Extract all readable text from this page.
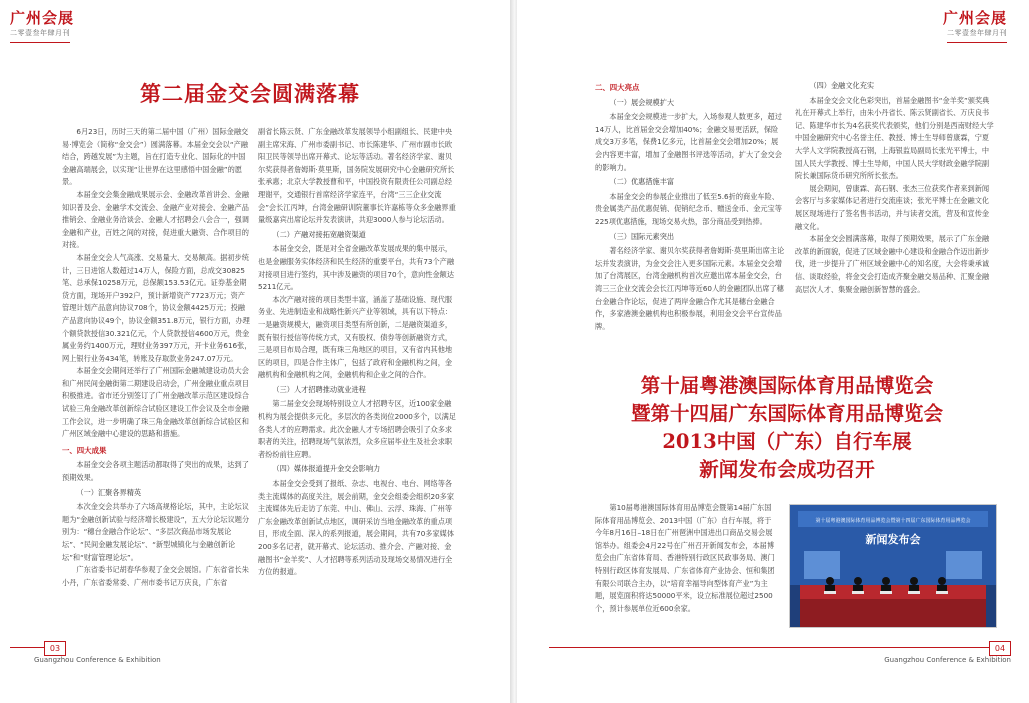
广州会展
二零壹叁年肆月刊
第二届金交会圆满落幕

6月23日，历时三天的第二届中国（广州）国际金融交易·博览会（简称“金交会”）圆满落幕。本届金交会以“产融结合，跨越发展”为主题，旨在打造专业化、国际化的中国金融高端展会，以实现“让世界在这里感悟中国金融”的愿景。

本届金交会集金融成果展示会、金融改革首讲会、金融知识普及会、金融学术交流会、金融产业对接会、金融产品推销会、金融业务洽谈会、金融人才招聘会八会合一，强调金融和产业，百姓之间的对接，促进重大融资、合作项目的对接。

本届金交会人气高涨、交易量大、交易额高。据初步统计，三日进馆人数超过14万人，保险方面，总成交30825笔、总承保10258万元，总保额153.53亿元。证券基金期货方面，现场开户392户，预计新增资产7723万元；资产管理计划产品意向协议708个，协议金额4425万元；投融产品意向协议49个，协议金额351.8万元，银行方面，办理个额贷款授信30.321亿元，个人贷款授信4600万元，贵金属业务约1400万元，理财业务397万元，开卡业务616张，网上银行业务434笔，转账及存取款业务247.07万元。

本届金交会期间还举行了广州国际金融城建设动员大会和广州民间金融街第二期建设启动会，广州金融业重点项目积极推进。省市还分别签订了广州金融改革示范区建设综合试验三角金融改革创新综合试验区建设工作会议及全市金融工作会议，进一步明确了珠三角金融改革创新综合试验区和广州区域金融中心建设的思路和措施。

一、四大成果

本届金交会各项主题活动都取得了突出的成果，达到了预期效果。

（一）汇聚各界精英

本次金交会共举办了六场高规格论坛，其中，主论坛议题为“金融创新试验与经济增长极建设”，五大分论坛议题分别为：“穗台金融合作论坛”、“多层次商品市场发展论坛”、“民间金融发展论坛”、“新型城镇化与金融创新论坛”和“财富管理论坛”。

广东省委书记胡春华参观了金交会展馆。广东省省长朱小丹，广东省委常委、广州市委书记万庆良，广东省

副省长陈云贤、广东金融改革发展领导小组副组长、民建中央副主席宋海、广州市委副书记、市长陈建华、广州市副市长欧阳卫民等领导出席开幕式、论坛等活动。著名经济学家、谢贝尔奖获得者詹姆斯·莫里斯，国务院发展研究中心金融研究所长张承惠；北京大学教授曹和平，中国投资有限责任公司副总经理谢平，交通银行首席经济学家连平，台湾“三三企业交流会”会长江丙坤，台湾金融研训院董事长许嘉栋等众多金融界重量级嘉宾出席论坛并发表演讲，共迎3000人参与论坛活动。

（二）产融对接拓宽融资渠道

本届金交会，既是对全省金融改革发展成果的集中展示，也是金融服务实体经济和民生经济的重要平台，共有73个产融对接项目进行签约，其中涉及融资的项目70个，意向性金额达5211亿元。

本次产融对接的项目类型丰富，涵盖了基础设施、现代服务业、先进制造业和战略性新兴产业等领域，具有以下特点：一是融资规模大，融资项目类型有所创新，二是融资渠道多，既有银行授信等传统方式，又有股权、债券等创新融资方式，三是项目布局合理，既有珠三角地区的项目，又有省内其他地区的项目，四是合作主体广，包括了政府和金融机构之间，金融机构和金融机构之间，金融机构和企业之间的合作。

（三）人才招聘推动就业进程

第二届金交会现场特别设立人才招聘专区，近100家金融机构为展会提供多元化，多层次的各类岗位2000多个，以满足各类人才的应聘需求。此次金融人才专场招聘会吸引了众多求职者的关注，招聘现场气氛浓烈，众多应届毕业生及社会求职者纷纷前往应聘。

（四）媒体报道提升金交会影响力

本届金交会受到了报纸、杂志、电视台、电台、网络等各类主流媒体的高度关注，展会前期，金交会组委会组织20多家主流媒体先后走访了东莞、中山、佛山、云浮、珠海、广州等广东金融改革创新试点地区，调研采访当地金融改革的重点项目，形成全面、深入的系列报道，展会期间，共有70多家媒体200多名记者，就开幕式、论坛活动、推介会、产融对接、金融图书“金羊奖”、人才招聘等系列活动及现场交易情况进行全方位的报道。

03
Guangzhou Conference & Exhibition
广州会展
二零壹叁年肆月刊
二、四大亮点
（一）展会规模扩大

本届金交会规模进一步扩大，入场参观人数更多，超过14万人，比首届金交会增加40%；金融交易更活跃，保险成交3万多笔，保费1亿多元，比首届金交会增加20%；展会内容更丰富，增加了金融图书评选等活动，扩大了金交会的影响力。

（二）优惠措施丰富

本届金交会的参展企业推出了低至5.6折的商业车险、贵金属类产品优惠促销、促销纪念币、赠送金币、金元宝等225项优惠措施，现场交易火热，部分商品受到热捧。

（三）国际元素突出

著名经济学家、谢贝尔奖获得者詹姆斯·莫里斯出席主论坛并发表演讲，为金交会注入更多国际元素。本届金交会增加了台湾展区，台湾金融机构首次应邀出席本届金交会，台湾三三企业交流会会长江丙坤等近60人的金融团队出席了穗台金融合作论坛，促进了两岸金融合作尤其是穗台金融合作，多家港澳金融机构也积极参展，利用金交会平台宣传品牌。

（四）金融文化充实

本届金交会文化色彩突出，首届金融图书“金羊奖”颁奖典礼在开幕式上举行，由朱小丹省长、陈云贤副省长、万庆良书记、陈建华市长为4名获奖代表颁奖，他们分别是西南财经大学中国金融研究中心名誉主任、教授、博士生导师曾康霖，宁夏大学人文学院教授高石钢，上海银监局副局长张光平博士，中国人民大学教授、博士生导师，中国人民大学财政金融学院副院长兼国际货币研究所所长张杰。

展会期间，曾康霖、高石钢、张杰三位获奖作者来到新闻会客厅与多家媒体记者进行交流座谈；张光平博士在金融文化展区现场进行了签名售书活动，并与读者交流，营及和宣传金融文化。

本届金交会圆满落幕，取得了预期效果，展示了广东金融改革的新面貌，促进了区域金融中心建设和金融合作迈出新步伐，进一步提升了广州区域金融中心的知名度，大会将秉承诚信、谈取经验，将金交会打造成齐聚金融交易品种、汇聚金融高层次人才、集聚金融创新智慧的盛会。

第十届粤港澳国际体育用品博览会
暨第十四届广东国际体育用品博览会
2013中国（广东）自行车展
新闻发布会成功召开

第10届粤港澳国际体育用品博览会暨第14届广东国际体育用品博览会、2013中国（广东）自行车展，将于今年8月16日–18日在广州琶洲中国进出口商品交易会展馆举办。组委会4月22号在广州召开新闻发布会，本届博览会由广东省体育局、香港特别行政区民政事务局、澳门特别行政区体育发展局、广东省体育产业协会、恒和集团有限公司联合主办，以“培育幸福导向型体育产业”为主题，展览面积将达50000平米，设立标准展位超过2500个，预计参展单位近600余家。

第十届粤港澳国际体育用品博览会暨第十四届广东国际体育用品博览会
新闻发布会
04
Guangzhou Conference & Exhibition
